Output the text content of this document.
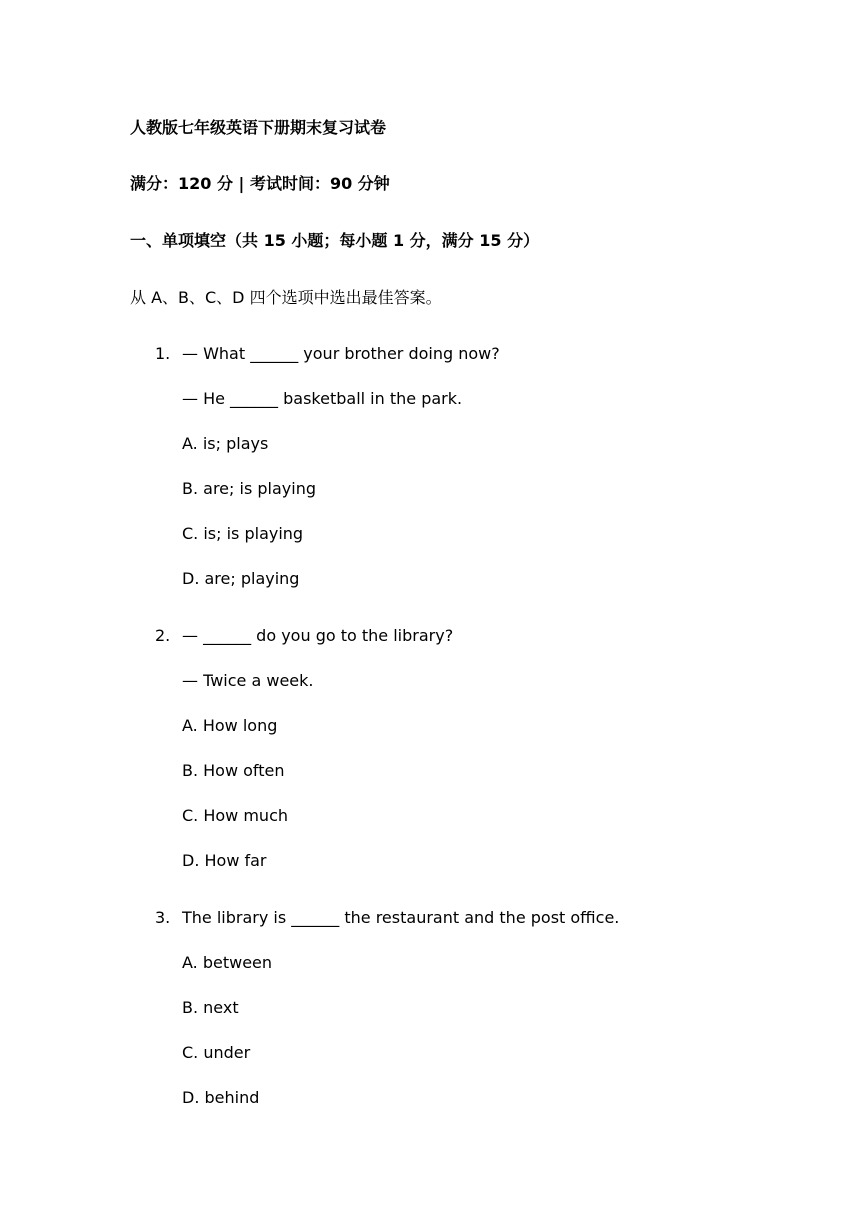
人教版七年级英语下册期末复习试卷
满分：120 分 | 考试时间：90 分钟
一、单项填空（共 15 小题；每小题 1 分，满分 15 分）
从 A、B、C、D 四个选项中选出最佳答案。
1. — What ______ your brother doing now?
— He ______ basketball in the park.
A. is; plays
B. are; is playing
C. is; is playing
D. are; playing
2. — ______ do you go to the library?
— Twice a week.
A. How long
B. How often
C. How much
D. How far
3. The library is ______ the restaurant and the post office.
A. between
B. next
C. under
D. behind
